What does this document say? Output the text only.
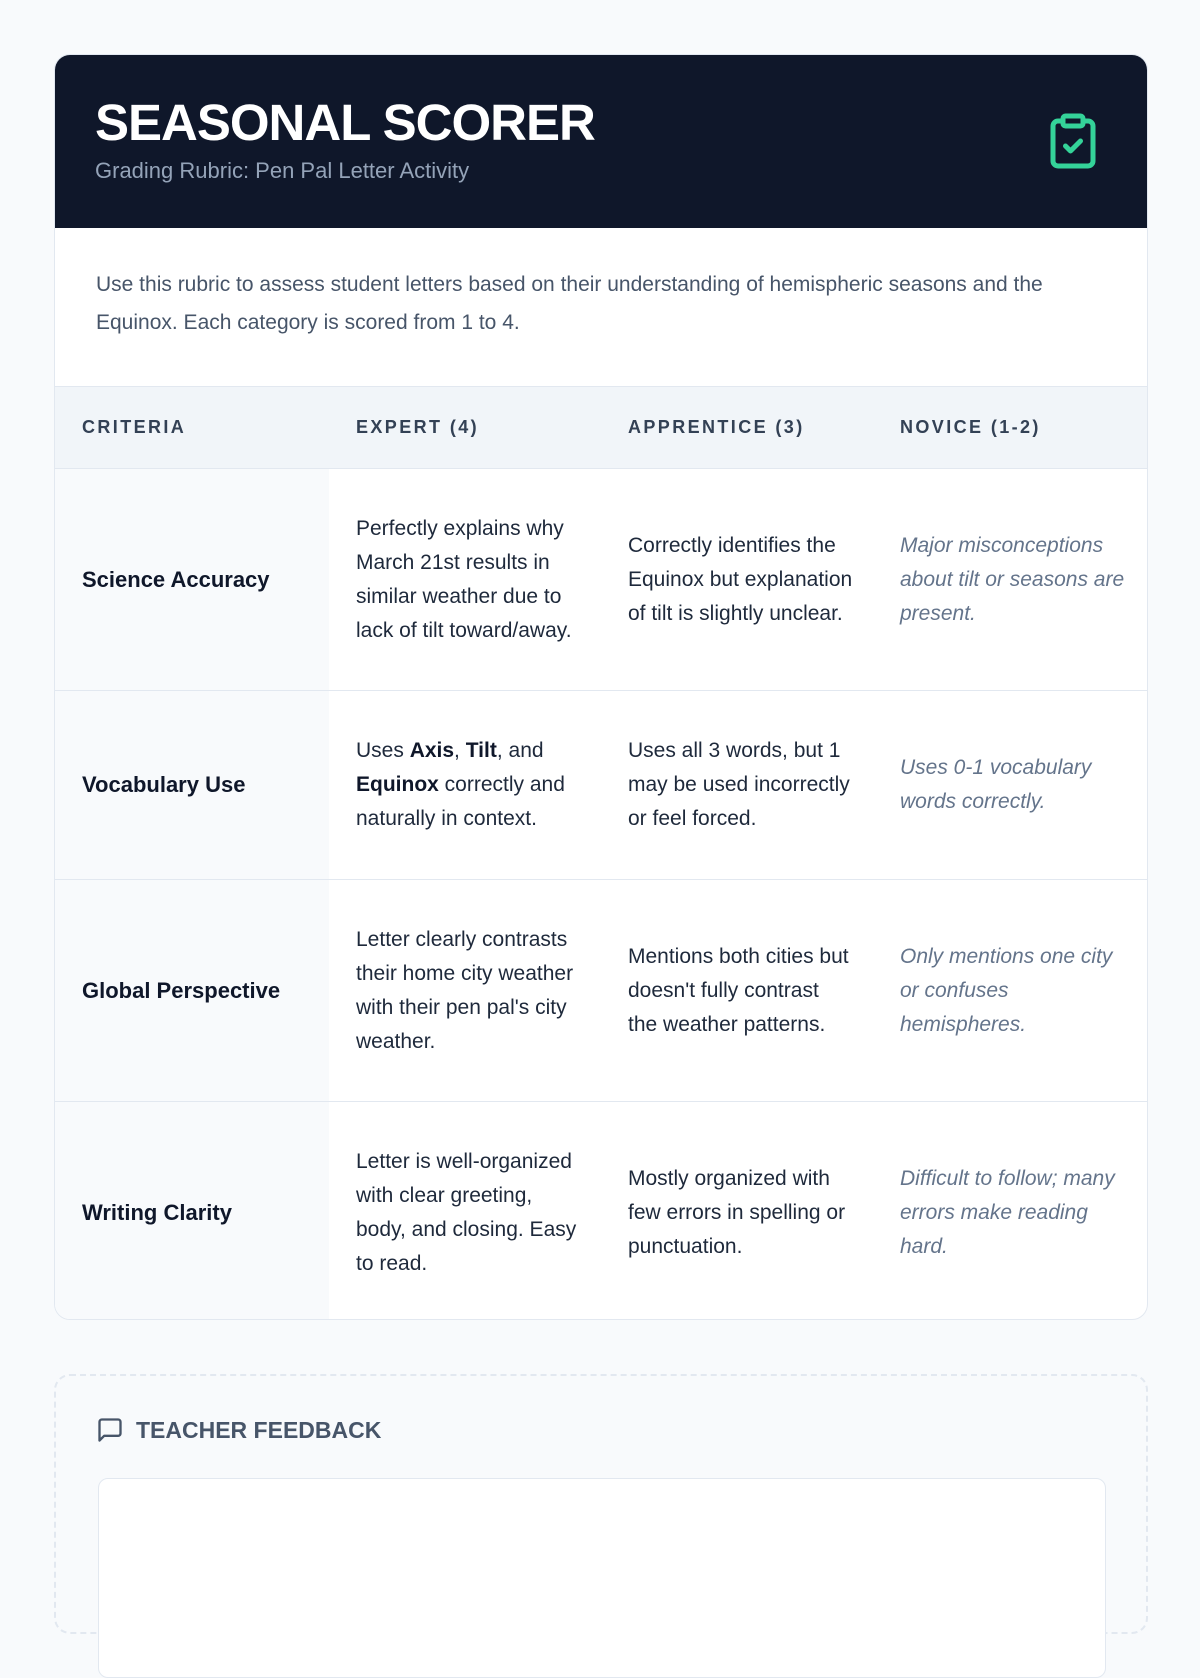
SEASONAL SCORER
Grading Rubric: Pen Pal Letter Activity
Use this rubric to assess student letters based on their understanding of hemispheric seasons and the Equinox. Each category is scored from 1 to 4.
CRITERIA	EXPERT (4)	APPRENTICE (3)	NOVICE (1-2)
Science Accuracy	Perfectly explains why March 21st results in similar weather due to lack of tilt toward/away.	Correctly identifies the Equinox but explanation of tilt is slightly unclear.	Major misconceptions about tilt or seasons are present.
Vocabulary Use	Uses Axis, Tilt, and Equinox correctly and naturally in context.	Uses all 3 words, but 1 may be used incorrectly or feel forced.	Uses 0-1 vocabulary words correctly.
Global Perspective	Letter clearly contrasts their home city weather with their pen pal's city weather.	Mentions both cities but doesn't fully contrast the weather patterns.	Only mentions one city or confuses hemispheres.
Writing Clarity	Letter is well-organized with clear greeting, body, and closing. Easy to read.	Mostly organized with few errors in spelling or punctuation.	Difficult to follow; many errors make reading hard.
TEACHER FEEDBACK
